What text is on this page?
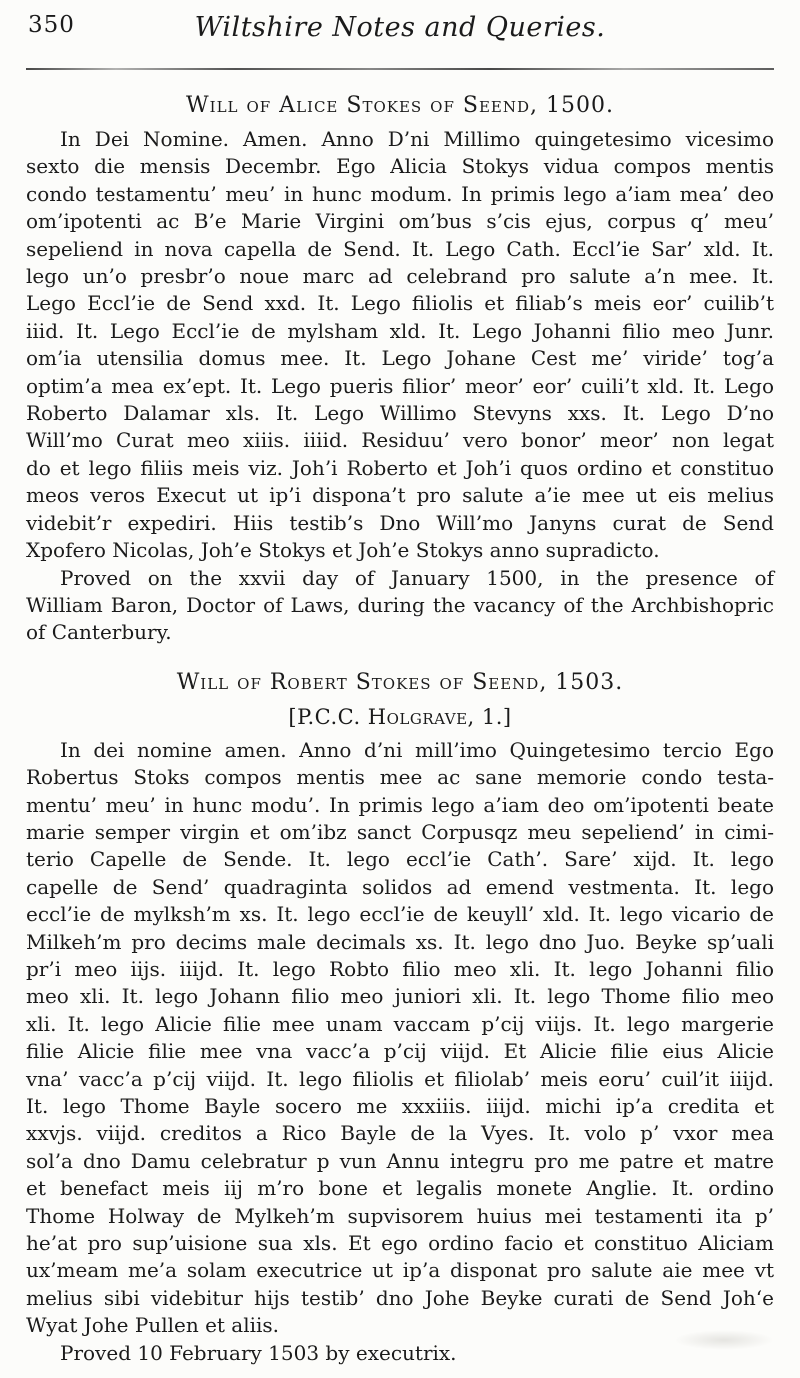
350	Wiltshire Notes and Queries.
Will of Alice Stokes of Seend, 1500.
In Dei Nomine. Amen. Anno D’ni Millimo quingetesimo vicesimo
sexto die mensis Decembr. Ego Alicia Stokys vidua compos mentis
condo testamentu’ meu’ in hunc modum. In primis lego a’iam mea’ deo
om’ipotenti ac B’e Marie Virgini om’bus s’cis ejus, corpus q’ meu’
sepeliend in nova capella de Send. It. Lego Cath. Eccl’ie Sar’ xld. It.
lego un’o presbr’o noue marc ad celebrand pro salute a’n mee. It.
Lego Eccl’ie de Send xxd. It. Lego filiolis et filiab’s meis eor’ cuilib’t
iiid. It. Lego Eccl’ie de mylsham xld. It. Lego Johanni filio meo Junr.
om’ia utensilia domus mee. It. Lego Johane Cest me’ viride’ tog’a
optim’a mea ex’ept. It. Lego pueris filior’ meor’ eor’ cuili’t xld. It. Lego
Roberto Dalamar xls. It. Lego Willimo Stevyns xxs. It. Lego D’no
Will’mo Curat meo xiiis. iiiid. Residuu’ vero bonor’ meor’ non legat
do et lego filiis meis viz. Joh’i Roberto et Joh’i quos ordino et constituo
meos veros Execut ut ip’i dispona’t pro salute a’ie mee ut eis melius
videbit’r expediri. Hiis testib’s Dno Will’mo Janyns curat de Send
Xpofero Nicolas, Joh’e Stokys et Joh’e Stokys anno supradicto.
Proved on the xxvii day of January 1500, in the presence of
William Baron, Doctor of Laws, during the vacancy of the Archbishopric
of Canterbury.
Will of Robert Stokes of Seend, 1503.
[P.C.C. Holgrave, 1.]
In dei nomine amen. Anno d’ni mill’imo Quingetesimo tercio Ego
Robertus Stoks compos mentis mee ac sane memorie condo testa-
mentu’ meu’ in hunc modu’. In primis lego a’iam deo om’ipotenti beate
marie semper virgin et om’ibz sanct Corpusqz meu sepeliend’ in cimi-
terio Capelle de Sende. It. lego eccl’ie Cath’. Sare’ xijd. It. lego
capelle de Send’ quadraginta solidos ad emend vestmenta. It. lego
eccl’ie de mylksh’m xs. It. lego eccl’ie de keuyll’ xld. It. lego vicario de
Milkeh’m pro decims male decimals xs. It. lego dno Juo. Beyke sp’uali
pr’i meo iijs. iiijd. It. lego Robto filio meo xli. It. lego Johanni filio
meo xli. It. lego Johann filio meo juniori xli. It. lego Thome filio meo
xli. It. lego Alicie filie mee unam vaccam p’cij viijs. It. lego margerie
filie Alicie filie mee vna vacc’a p’cij viijd. Et Alicie filie eius Alicie
vna’ vacc’a p’cij viijd. It. lego filiolis et filiolab’ meis eoru’ cuil’it iiijd.
It. lego Thome Bayle socero me xxxiiis. iiijd. michi ip’a credita et
xxvjs. viijd. creditos a Rico Bayle de la Vyes. It. volo p’ vxor mea
sol’a dno Damu celebratur p vun Annu integru pro me patre et matre
et benefact meis iij m’ro bone et legalis monete Anglie. It. ordino
Thome Holway de Mylkeh’m supvisorem huius mei testamenti ita p’
he’at pro sup’uisione sua xls. Et ego ordino facio et constituo Aliciam
ux’meam me’a solam executrice ut ip’a disponat pro salute aie mee vt
melius sibi videbitur hijs testib’ dno Johe Beyke curati de Send Joh‘e
Wyat Johe Pullen et aliis.
Proved 10 February 1503 by executrix.
